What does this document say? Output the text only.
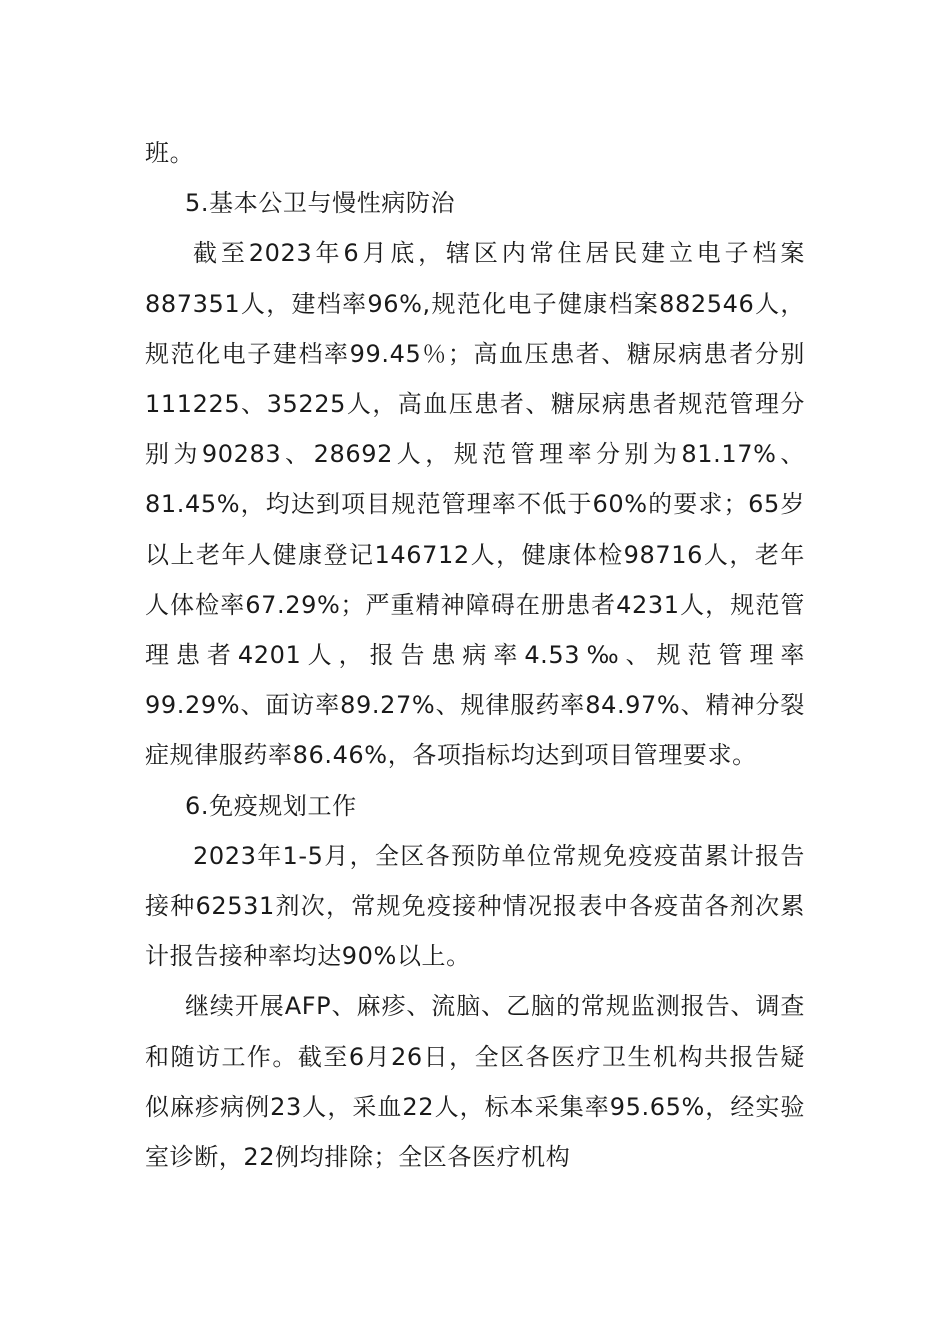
班。

5.基本公卫与慢性病防治

截至2023年6月底，辖区内常住居民建立电子档案887351人，建档率96%,规范化电子健康档案882546人，规范化电子建档率99.45％；高血压患者、糖尿病患者分别111225、35225人，高血压患者、糖尿病患者规范管理分别为90283、28692人，规范管理率分别为81.17%、81.45%，均达到项目规范管理率不低于60%的要求；65岁以上老年人健康登记146712人，健康体检98716人，老年人体检率67.29%；严重精神障碍在册患者4231人，规范管理患者4201人，报告患病率4.53‰、规范管理率99.29%、面访率89.27%、规律服药率84.97%、精神分裂症规律服药率86.46%，各项指标均达到项目管理要求。

6.免疫规划工作

2023年1-5月，全区各预防单位常规免疫疫苗累计报告接种62531剂次，常规免疫接种情况报表中各疫苗各剂次累计报告接种率均达90%以上。

继续开展AFP、麻疹、流脑、乙脑的常规监测报告、调查和随访工作。截至6月26日，全区各医疗卫生机构共报告疑似麻疹病例23人，采血22人，标本采集率95.65%，经实验室诊断，22例均排除；全区各医疗机构
